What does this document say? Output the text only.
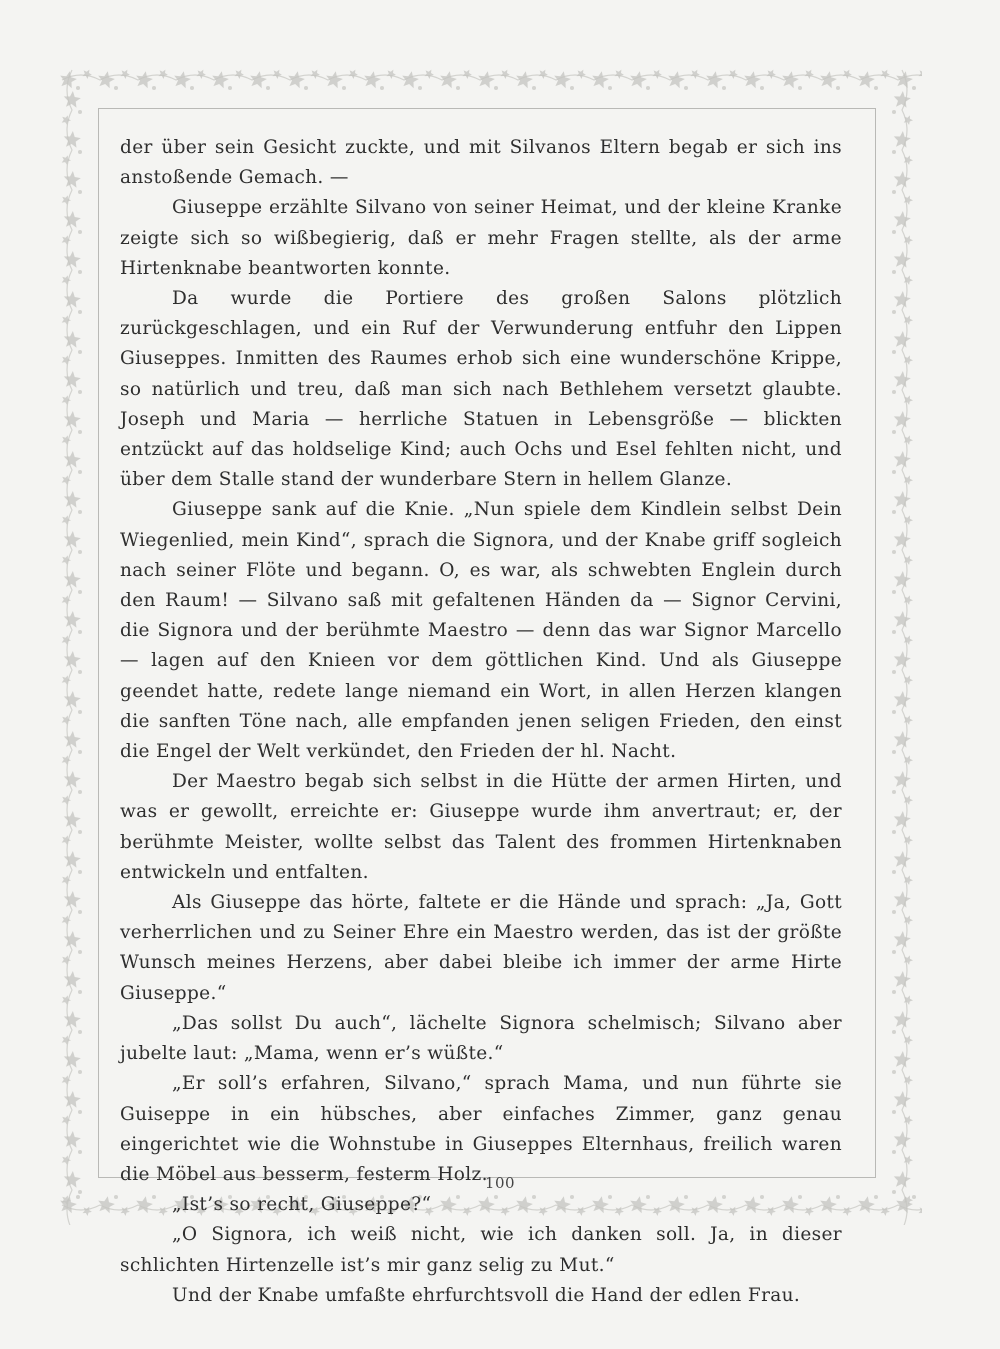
der über sein Gesicht zuckte, und mit Silvanos Eltern begab er sich ins anstoßende Gemach. —

Giuseppe erzählte Silvano von seiner Heimat, und der kleine Kranke zeigte sich so wißbegierig, daß er mehr Fragen stellte, als der arme Hirtenknabe beantworten konnte.

Da wurde die Portiere des großen Salons plötzlich zurückgeschlagen, und ein Ruf der Verwunderung entfuhr den Lippen Giuseppes. Inmitten des Raumes erhob sich eine wunderschöne Krippe, so natürlich und treu, daß man sich nach Bethlehem versetzt glaubte. Joseph und Maria — herrliche Statuen in Lebensgröße — blickten entzückt auf das holdselige Kind; auch Ochs und Esel fehlten nicht, und über dem Stalle stand der wunderbare Stern in hellem Glanze.

Giuseppe sank auf die Knie. „Nun spiele dem Kindlein selbst Dein Wiegenlied, mein Kind“, sprach die Signora, und der Knabe griff sogleich nach seiner Flöte und begann. O, es war, als schwebten Englein durch den Raum! — Silvano saß mit gefaltenen Händen da — Signor Cervini, die Signora und der berühmte Maestro — denn das war Signor Marcello — lagen auf den Knieen vor dem göttlichen Kind. Und als Giuseppe geendet hatte, redete lange niemand ein Wort, in allen Herzen klangen die sanften Töne nach, alle empfanden jenen seligen Frieden, den einst die Engel der Welt verkündet, den Frieden der hl. Nacht.

Der Maestro begab sich selbst in die Hütte der armen Hirten, und was er gewollt, erreichte er: Giuseppe wurde ihm anvertraut; er, der berühmte Meister, wollte selbst das Talent des frommen Hirtenknaben entwickeln und entfalten.

Als Giuseppe das hörte, faltete er die Hände und sprach: „Ja, Gott verherrlichen und zu Seiner Ehre ein Maestro werden, das ist der größte Wunsch meines Herzens, aber dabei bleibe ich immer der arme Hirte Giuseppe.“

„Das sollst Du auch“, lächelte Signora schelmisch; Silvano aber jubelte laut: „Mama, wenn er’s wüßte.“

„Er soll’s erfahren, Silvano,“ sprach Mama, und nun führte sie Guiseppe in ein hübsches, aber einfaches Zimmer, ganz genau eingerichtet wie die Wohnstube in Giuseppes Elternhaus, freilich waren die Möbel aus besserm, festerm Holz.

„Ist’s so recht, Giuseppe?“

„O Signora, ich weiß nicht, wie ich danken soll. Ja, in dieser schlichten Hirtenzelle ist’s mir ganz selig zu Mut.“

Und der Knabe umfaßte ehrfurchtsvoll die Hand der edlen Frau.

100
